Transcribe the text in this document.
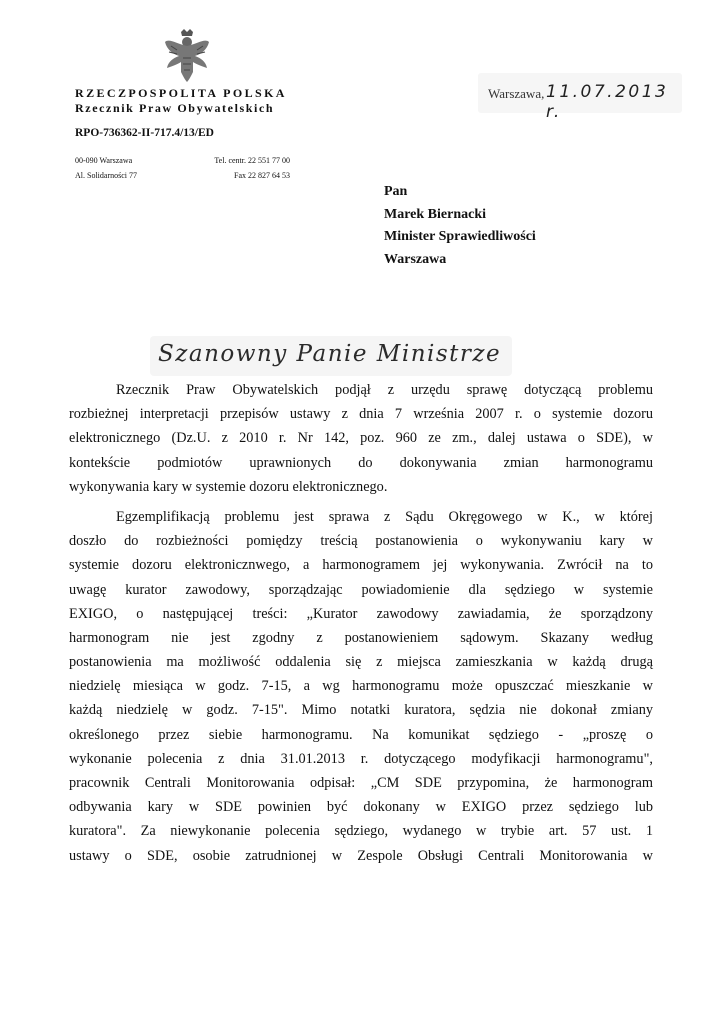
RZECZPOSPOLITA POLSKA
Rzecznik Praw Obywatelskich
RPO-736362-II-717.4/13/ED
00-090 Warszawa
Al. Solidarności 77
Tel. centr. 22 551 77 00
Fax 22 827 64 53
Warszawa, 11.07.2013 r.
Pan
Marek Biernacki
Minister Sprawiedliwości
Warszawa
Szanowny Panie Ministrze
Rzecznik Praw Obywatelskich podjął z urzędu sprawę dotyczącą problemu
rozbieżnej interpretacji przepisów ustawy z dnia 7 września 2007 r. o systemie dozoru
elektronicznego (Dz.U. z 2010 r. Nr 142, poz. 960 ze zm., dalej ustawa o SDE), w
kontekście podmiotów uprawnionych do dokonywania zmian harmonogramu
wykonywania kary w systemie dozoru elektronicznego.
Egzemplifikacją problemu jest sprawa z Sądu Okręgowego w K., w której
doszło do rozbieżności pomiędzy treścią postanowienia o wykonywaniu kary w
systemie dozoru elektronicznwego, a harmonogramem jej wykonywania. Zwrócił na to
uwagę kurator zawodowy, sporządzając powiadomienie dla sędziego w systemie
EXIGO, o następującej treści: „Kurator zawodowy zawiadamia, że sporządzony
harmonogram nie jest zgodny z postanowieniem sądowym. Skazany według
postanowienia ma możliwość oddalenia się z miejsca zamieszkania w każdą drugą
niedzielę miesiąca w godz. 7-15, a wg harmonogramu może opuszczać mieszkanie w
każdą niedzielę w godz. 7-15". Mimo notatki kuratora, sędzia nie dokonał zmiany
określonego przez siebie harmonogramu. Na komunikat sędziego - „proszę o
wykonanie polecenia z dnia 31.01.2013 r. dotyczącego modyfikacji harmonogramu",
pracownik Centrali Monitorowania odpisał: „CM SDE przypomina, że harmonogram
odbywania kary w SDE powinien być dokonany w EXIGO przez sędziego lub
kuratora". Za niewykonanie polecenia sędziego, wydanego w trybie art. 57 ust. 1
ustawy o SDE, osobie zatrudnionej w Zespole Obsługi Centrali Monitorowania w
